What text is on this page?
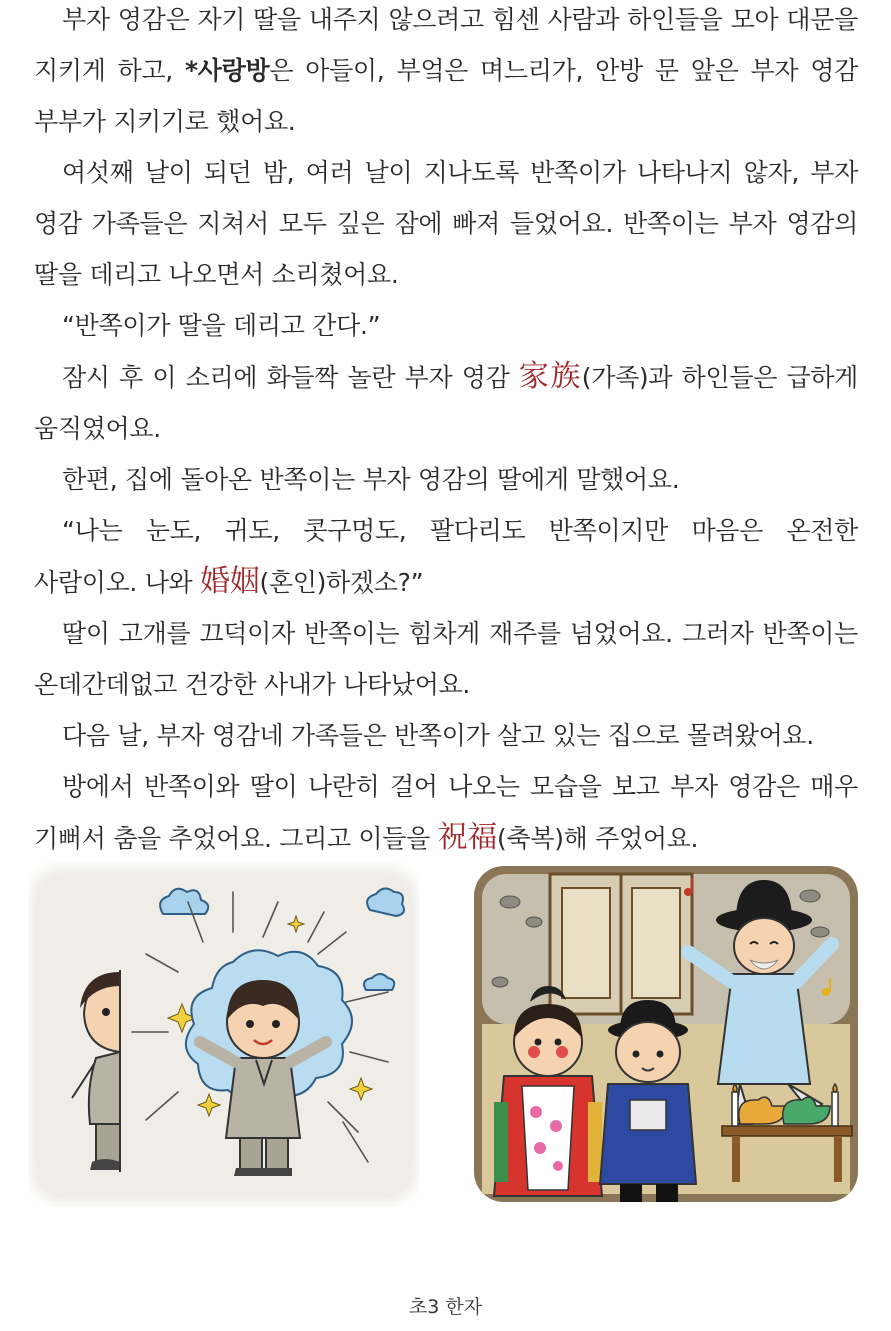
부자 영감은 자기 딸을 내주지 않으려고 힘센 사람과 하인들을 모아 대문을 지키게 하고, *사랑방은 아들이, 부엌은 며느리가, 안방 문 앞은 부자 영감 부부가 지키기로 했어요.

여섯째 날이 되던 밤, 여러 날이 지나도록 반쪽이가 나타나지 않자, 부자 영감 가족들은 지쳐서 모두 깊은 잠에 빠져 들었어요. 반쪽이는 부자 영감의 딸을 데리고 나오면서 소리쳤어요.

“반쪽이가 딸을 데리고 간다.”

잠시 후 이 소리에 화들짝 놀란 부자 영감 家族(가족)과 하인들은 급하게 움직였어요.

한편, 집에 돌아온 반쪽이는 부자 영감의 딸에게 말했어요.

“나는 눈도, 귀도, 콧구멍도, 팔다리도 반쪽이지만 마음은 온전한 사람이오. 나와 婚姻(혼인)하겠소?”

딸이 고개를 끄덕이자 반쪽이는 힘차게 재주를 넘었어요. 그러자 반쪽이는 온데간데없고 건강한 사내가 나타났어요.

다음 날, 부자 영감네 가족들은 반쪽이가 살고 있는 집으로 몰려왔어요.

방에서 반쪽이와 딸이 나란히 걸어 나오는 모습을 보고 부자 영감은 매우 기뻐서 춤을 추었어요. 그리고 이들을 祝福(축복)해 주었어요.

초3 한자
